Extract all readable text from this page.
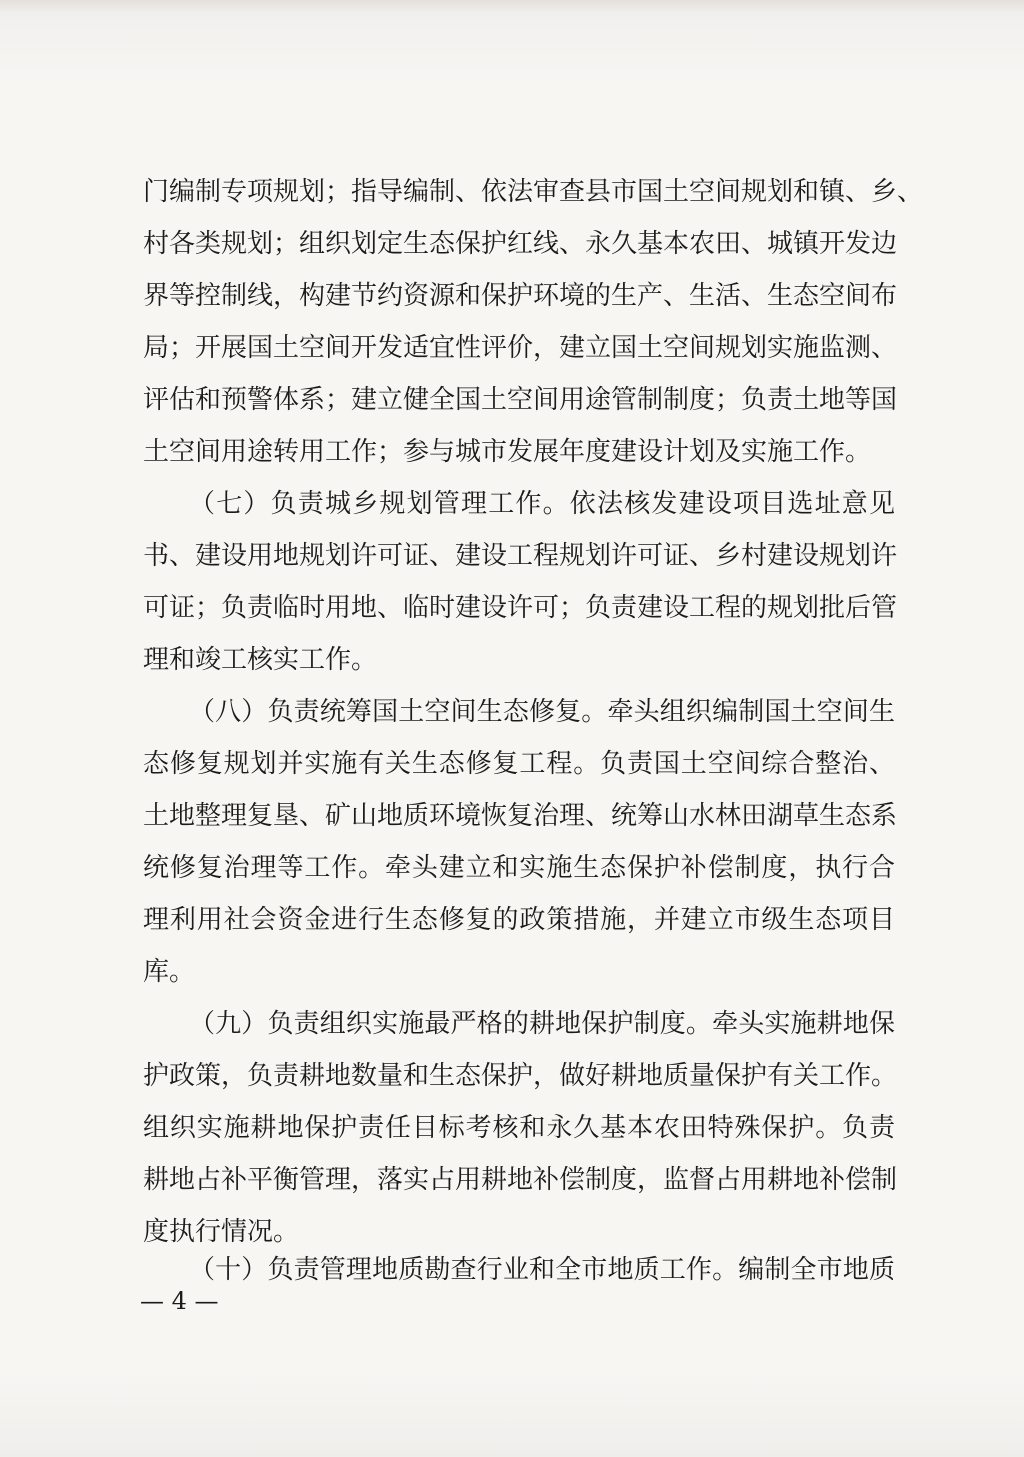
门编制专项规划；指导编制、依法审查县市国土空间规划和镇、乡、

村各类规划；组织划定生态保护红线、永久基本农田、城镇开发边

界等控制线，构建节约资源和保护环境的生产、生活、生态空间布

局；开展国土空间开发适宜性评价，建立国土空间规划实施监测、

评估和预警体系；建立健全国土空间用途管制制度；负责土地等国

土空间用途转用工作；参与城市发展年度建设计划及实施工作。

（七）负责城乡规划管理工作。依法核发建设项目选址意见

书、建设用地规划许可证、建设工程规划许可证、乡村建设规划许

可证；负责临时用地、临时建设许可；负责建设工程的规划批后管

理和竣工核实工作。

（八）负责统筹国土空间生态修复。牵头组织编制国土空间生

态修复规划并实施有关生态修复工程。负责国土空间综合整治、

土地整理复垦、矿山地质环境恢复治理、统筹山水林田湖草生态系

统修复治理等工作。牵头建立和实施生态保护补偿制度，执行合

理利用社会资金进行生态修复的政策措施，并建立市级生态项目

库。

（九）负责组织实施最严格的耕地保护制度。牵头实施耕地保

护政策，负责耕地数量和生态保护，做好耕地质量保护有关工作。

组织实施耕地保护责任目标考核和永久基本农田特殊保护。负责

耕地占补平衡管理，落实占用耕地补偿制度，监督占用耕地补偿制

度执行情况。

（十）负责管理地质勘查行业和全市地质工作。编制全市地质

— 4 —
